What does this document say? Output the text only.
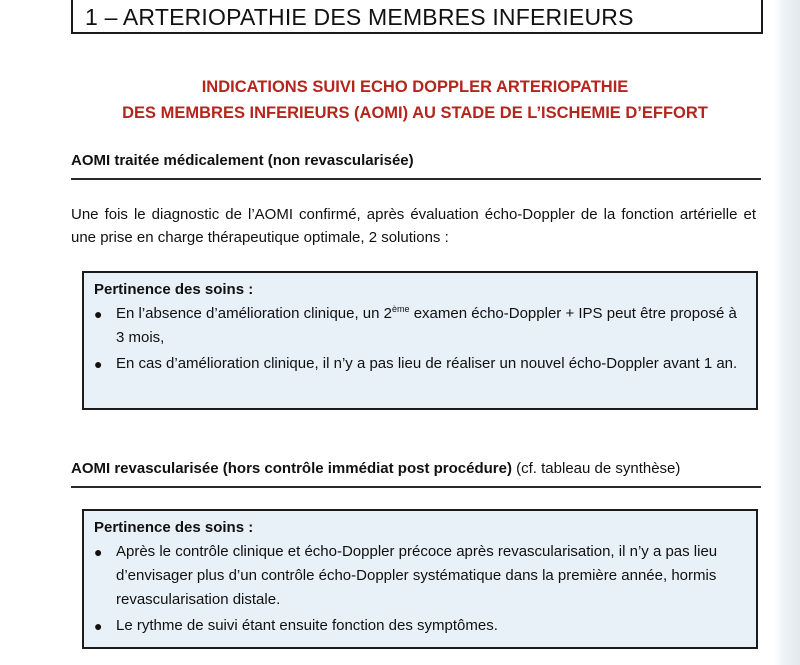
1 – ARTERIOPATHIE DES MEMBRES INFERIEURS
INDICATIONS SUIVI ECHO DOPPLER ARTERIOPATHIE
DES MEMBRES INFERIEURS (AOMI) AU STADE DE L’ISCHEMIE D’EFFORT
AOMI traitée médicalement (non revascularisée)
Une fois le diagnostic de l’AOMI confirmé, après évaluation écho-Doppler de la fonction artérielle et une prise en charge thérapeutique optimale, 2 solutions :
Pertinence des soins :
● En l’absence d’amélioration clinique, un 2ème examen écho-Doppler + IPS peut être proposé à 3 mois,
● En cas d’amélioration clinique, il n’y a pas lieu de réaliser un nouvel écho-Doppler avant 1 an.
AOMI revascularisée (hors contrôle immédiat post procédure) (cf. tableau de synthèse)
Pertinence des soins :
● Après le contrôle clinique et écho-Doppler précoce après revascularisation, il n’y a pas lieu d’envisager plus d’un contrôle écho-Doppler systématique dans la première année, hormis revascularisation distale.
● Le rythme de suivi étant ensuite fonction des symptômes.
